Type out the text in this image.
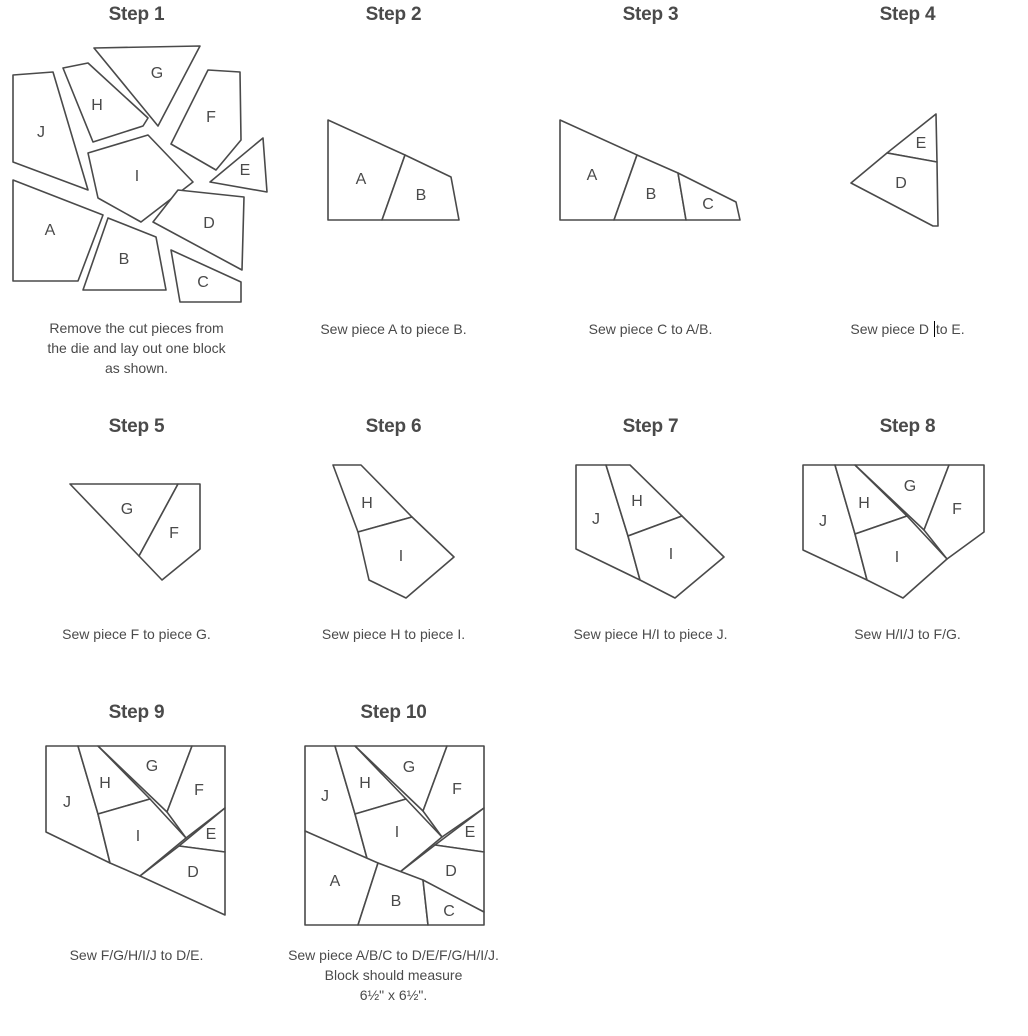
Step 1
J
H
G
F
E
I
A	D
B
C
Remove the cut pieces from
the die and lay out one block
as shown.
Step 2
A
B
Sew piece A to piece B.
Step 3
A
B
C
Sew piece C to A/B.
Step 4
E
D
Sew piece D to E.
Step 5
G
F
Sew piece F to piece G.
Step 6
H
I
Sew piece H to piece I.
Step 7
J
H
I
Sew piece H/I to piece J.
Step 8
J
H
G
F
I
Sew H/I/J to F/G.
Step 9
J
H
G
F
I	E
D
Sew F/G/H/I/J to D/E.
Step 10
J
H
G
F
I	E
D
A
B
C
Sew piece A/B/C to D/E/F/G/H/I/J.
Block should measure
6½" x 6½".
